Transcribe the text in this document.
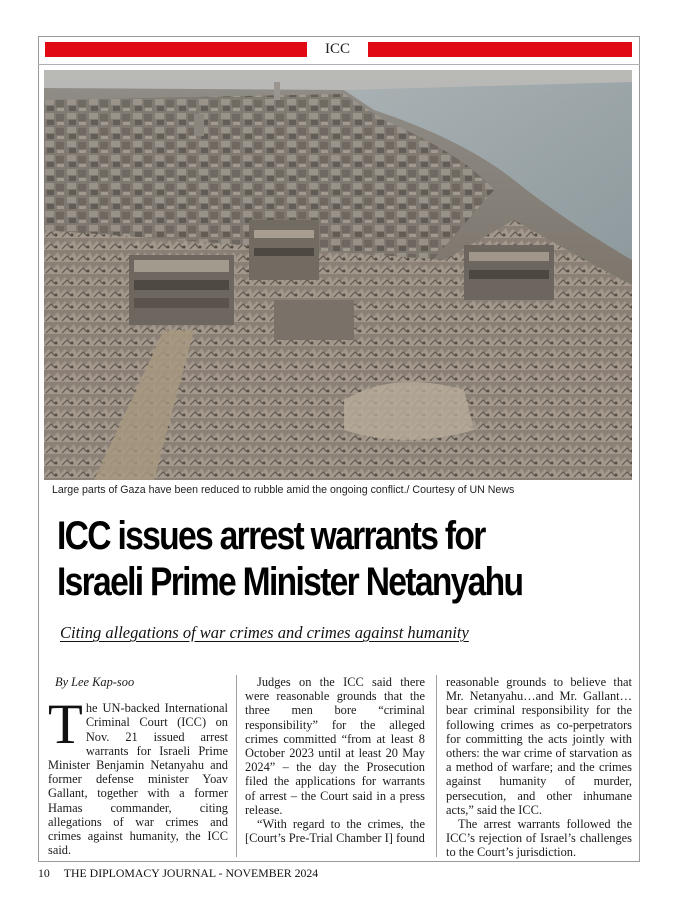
ICC
Large parts of Gaza have been reduced to rubble amid the ongoing conflict./ Courtesy of UN News
ICC issues arrest warrants for
Israeli Prime Minister Netanyahu
Citing allegations of war crimes and crimes against humanity
By Lee Kap-soo

The UN-backed International Criminal Court (ICC) on Nov. 21 issued arrest warrants for Israeli Prime Minister Benjamin Netanyahu and former defense minister Yoav Gallant, together with a former Hamas commander, citing allegations of war crimes and crimes against humanity, the ICC said.

Judges on the ICC said there were reasonable grounds that the three men bore “criminal responsibility” for the alleged crimes committed “from at least 8 October 2023 until at least 20 May 2024” – the day the Prosecution filed the applications for warrants of arrest – the Court said in a press release.

“With regard to the crimes, the [Court’s Pre-Trial Chamber I] found

reasonable grounds to believe that Mr. Netanyahu…and Mr. Gallant…bear criminal responsibility for the following crimes as co-perpetrators for committing the acts jointly with others: the war crime of starvation as a method of warfare; and the crimes against humanity of murder, persecution, and other inhumane acts,” said the ICC.

The arrest warrants followed the ICC’s rejection of Israel’s challenges to the Court’s jurisdiction.

10 THE DIPLOMACY JOURNAL - NOVEMBER 2024
